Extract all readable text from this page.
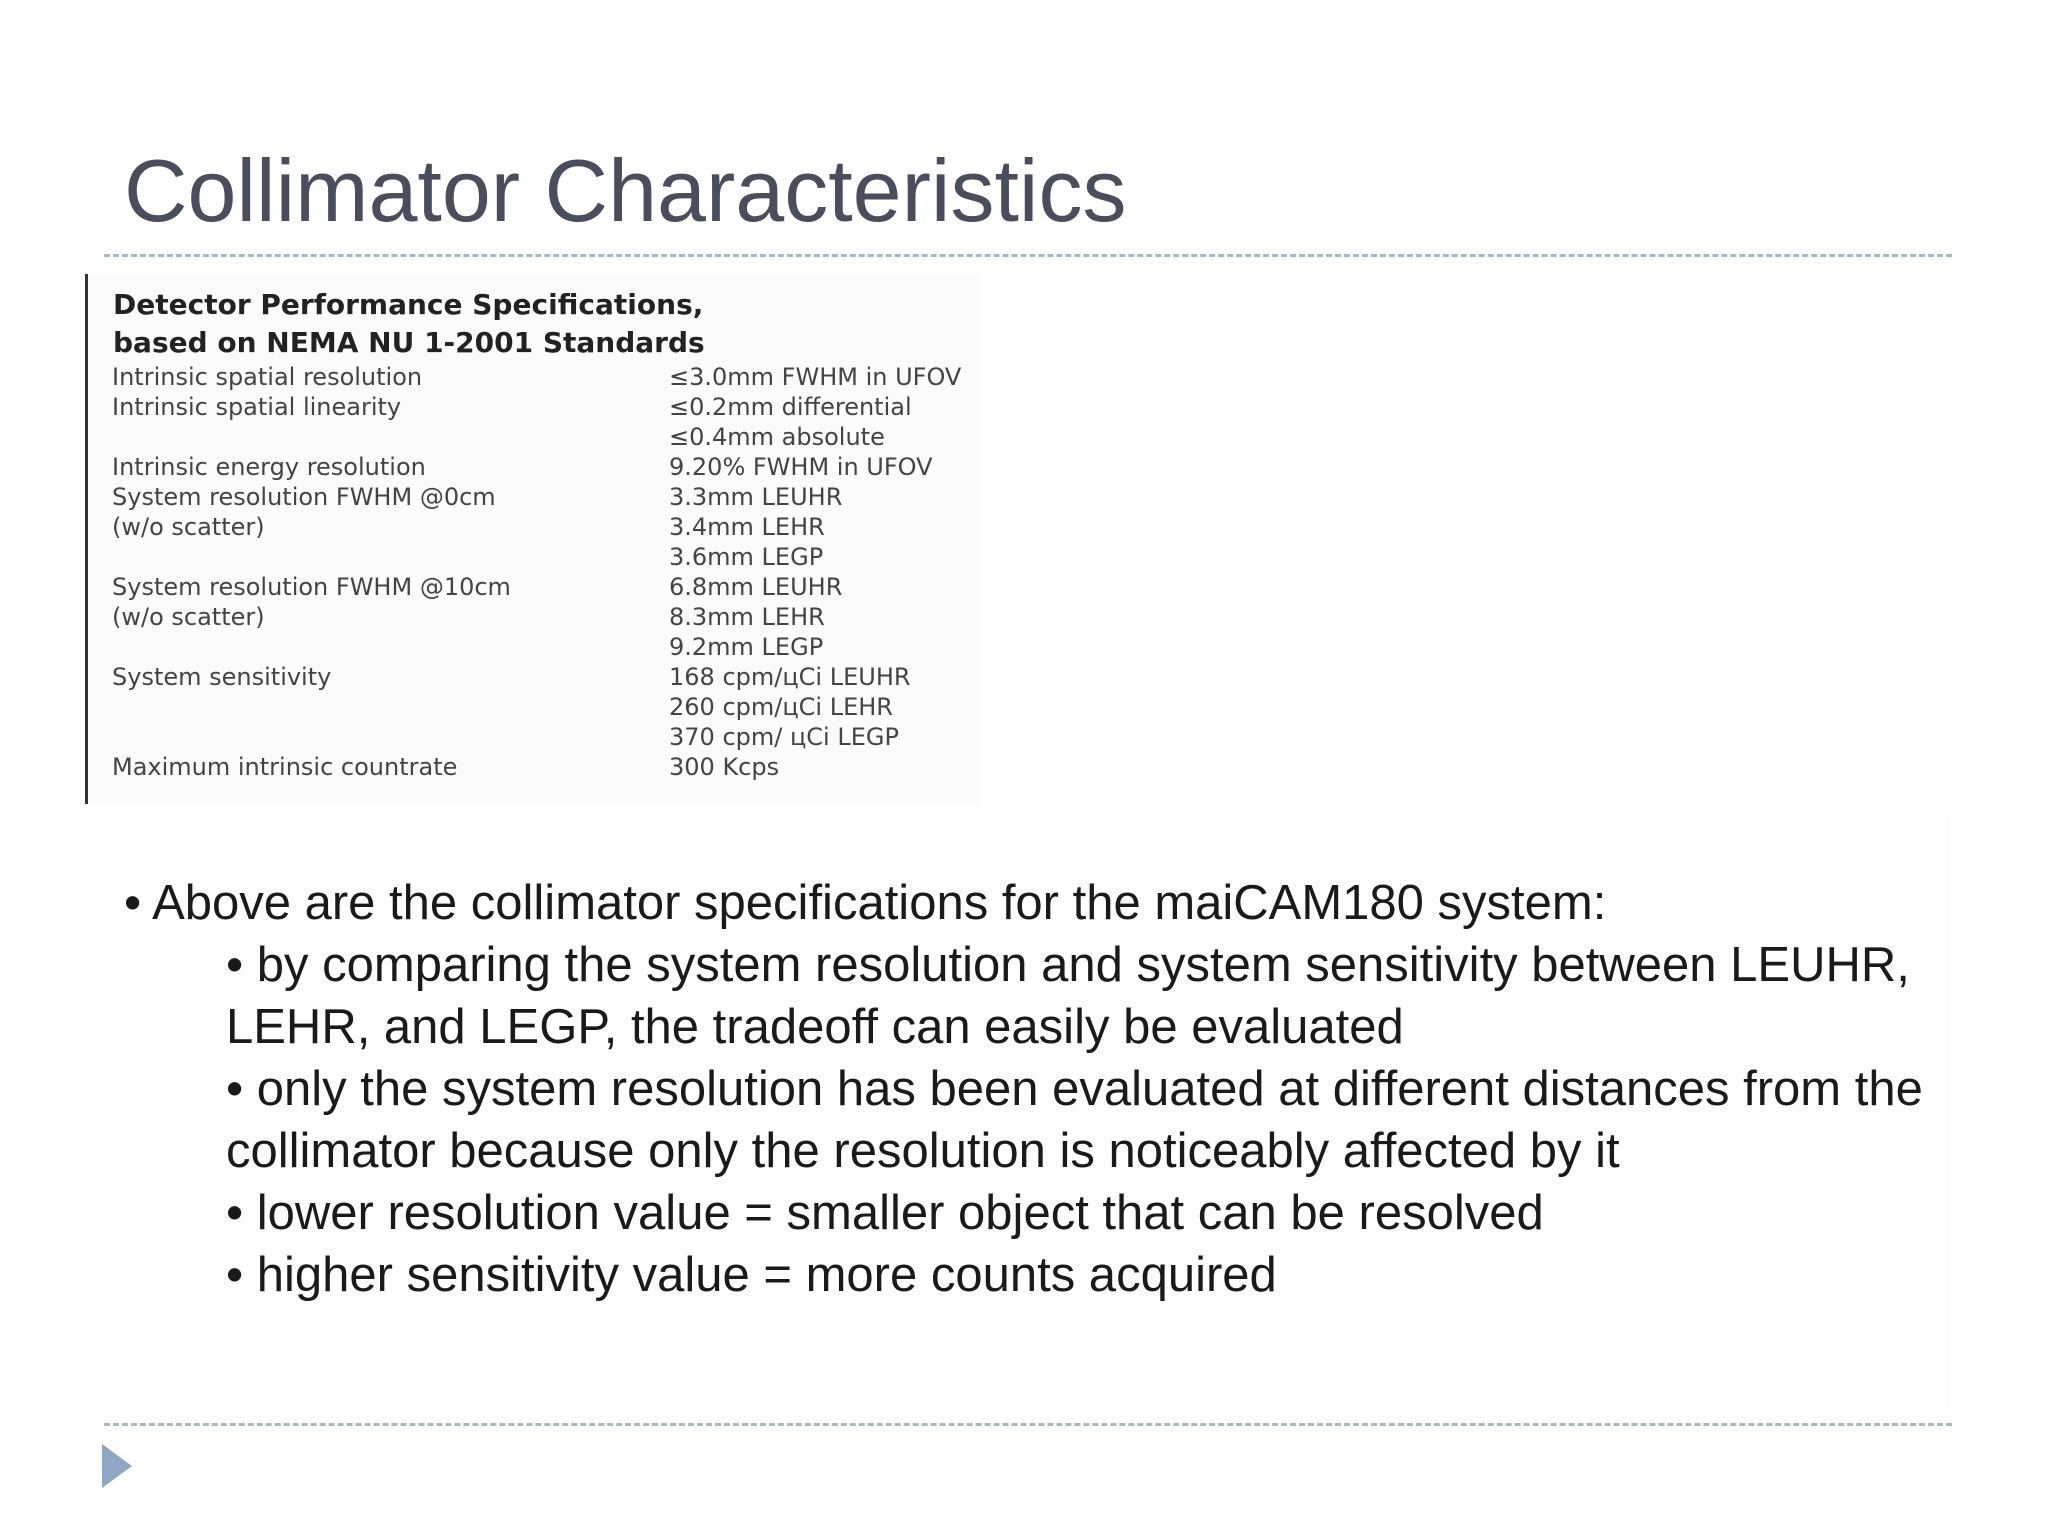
Collimator Characteristics
Detector Performance Specifications,
based on NEMA NU 1-2001 Standards
Intrinsic spatial resolution	≤3.0mm FWHM in UFOV
Intrinsic spatial linearity	≤0.2mm differential
≤0.4mm absolute
Intrinsic energy resolution	9.20% FWHM in UFOV
System resolution FWHM @0cm	3.3mm LEUHR
(w/o scatter)	3.4mm LEHR
3.6mm LEGP
System resolution FWHM @10cm	6.8mm LEUHR
(w/o scatter)	8.3mm LEHR
9.2mm LEGP
System sensitivity	168 cpm/цCi LEUHR
260 cpm/цCi LEHR
370 cpm/ цCi LEGP
Maximum intrinsic countrate	300 Kcps
• Above are the collimator specifications for the maiCAM180 system:
• by comparing the system resolution and system sensitivity between LEUHR, LEHR, and LEGP, the tradeoff can easily be evaluated
• only the system resolution has been evaluated at different distances from the collimator because only the resolution is noticeably affected by it
• lower resolution value = smaller object that can be resolved
• higher sensitivity value = more counts acquired
